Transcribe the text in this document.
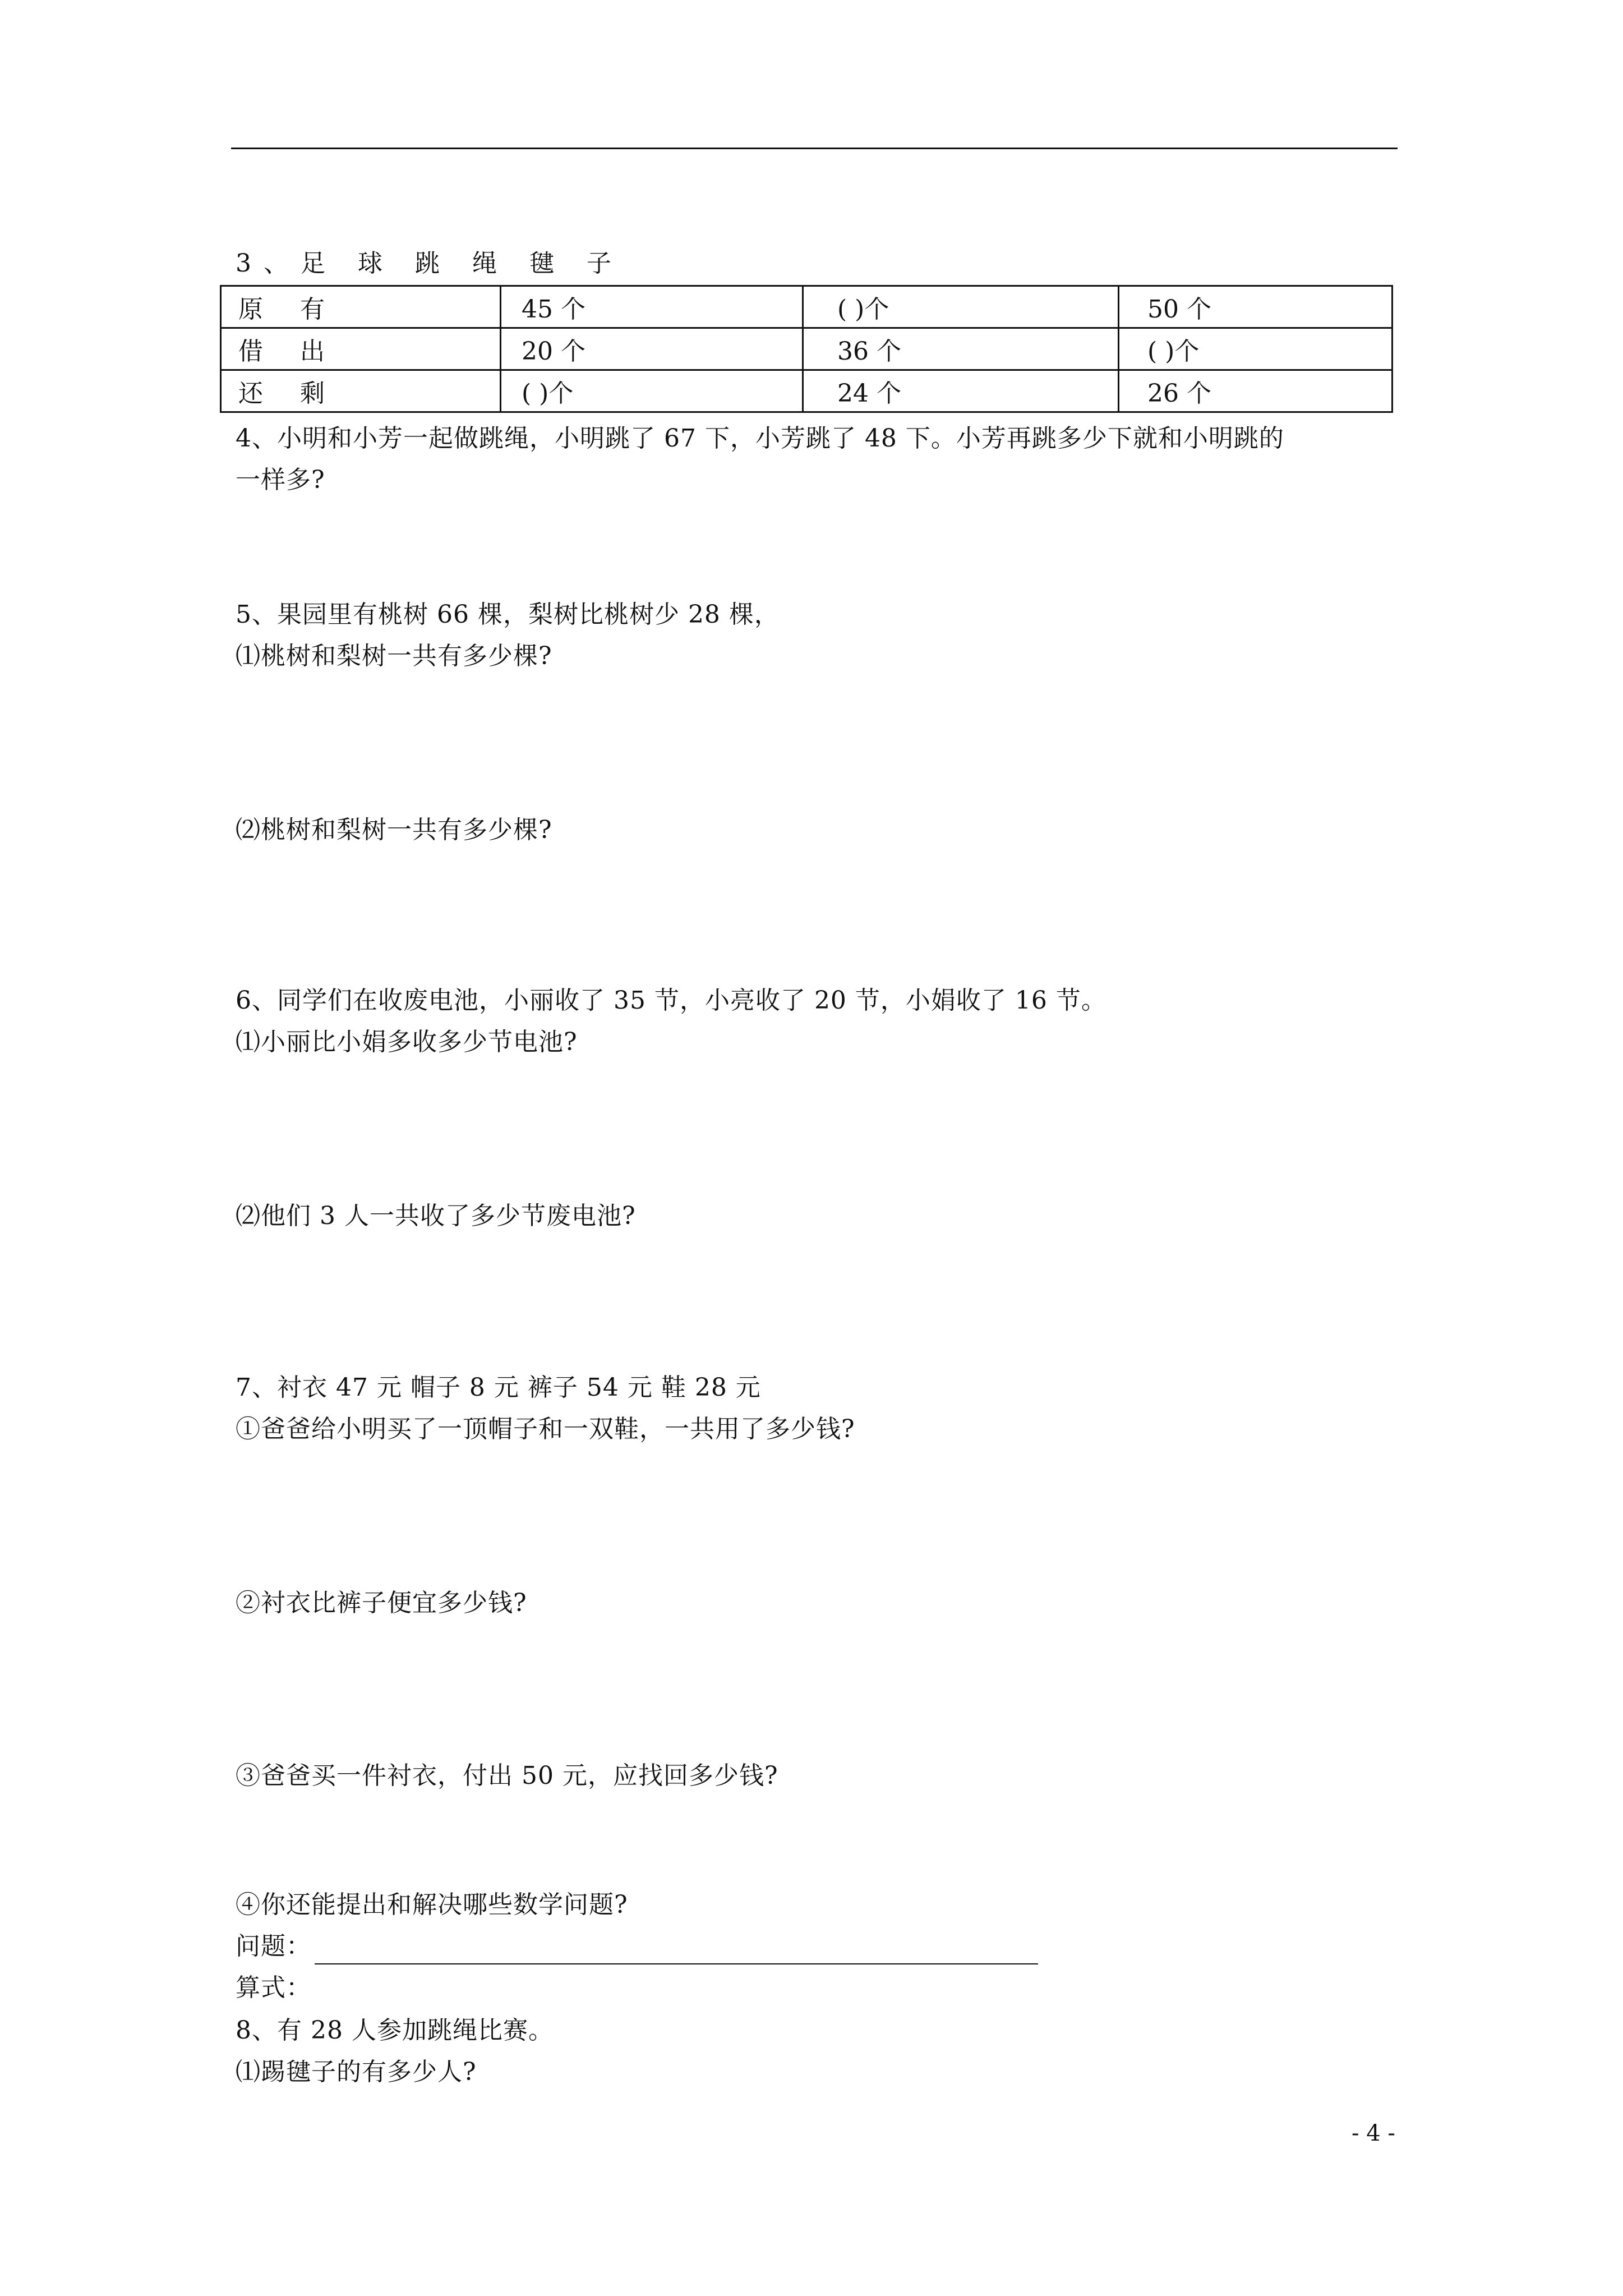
3、足 球 跳 绳 毽 子
原 有	45 个	( )个	50 个
借 出	20 个	36 个	( )个
还 剩	( )个	24 个	26 个
4、小明和小芳一起做跳绳，小明跳了 67 下，小芳跳了 48 下。小芳再跳多少下就和小明跳的
一样多?
5、果园里有桃树 66 棵，梨树比桃树少 28 棵，
⑴桃树和梨树一共有多少棵?
⑵桃树和梨树一共有多少棵?
6、同学们在收废电池，小丽收了 35 节，小亮收了 20 节，小娟收了 16 节。
⑴小丽比小娟多收多少节电池?
⑵他们 3 人一共收了多少节废电池?
7、衬衣 47 元 帽子 8 元 裤子 54 元 鞋 28 元
①爸爸给小明买了一顶帽子和一双鞋，一共用了多少钱?
②衬衣比裤子便宜多少钱?
③爸爸买一件衬衣，付出 50 元，应找回多少钱?
④你还能提出和解决哪些数学问题?
问题：
算式：
8、有 28 人参加跳绳比赛。
⑴踢毽子的有多少人?
- 4 -
